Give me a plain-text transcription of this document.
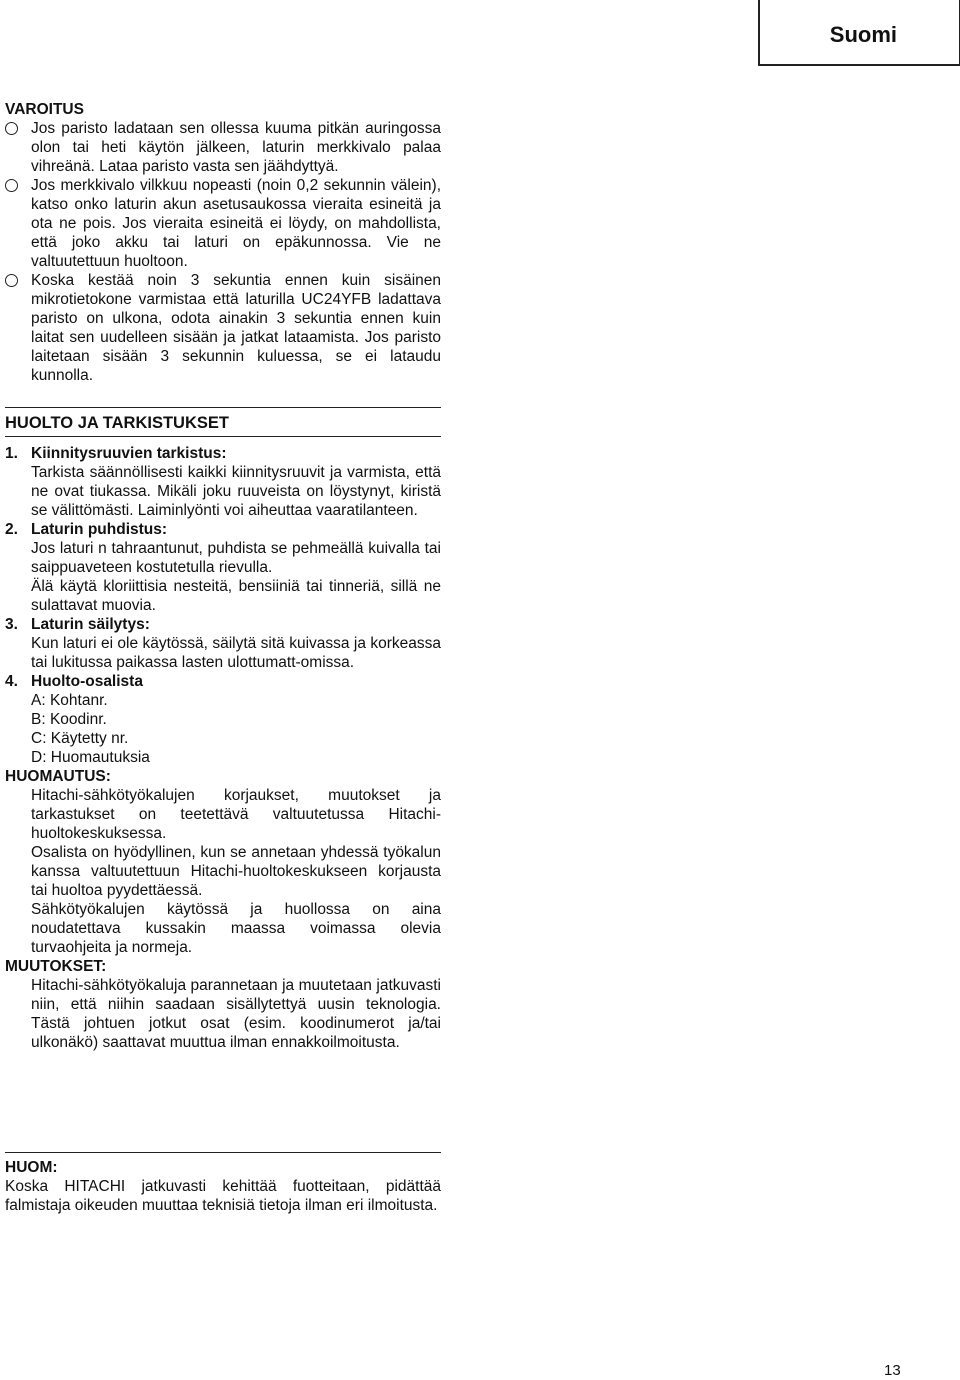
Suomi

VAROITUS

Jos paristo ladataan sen ollessa kuuma pitkän auringossa olon tai heti käytön jälkeen, laturin merkkivalo palaa vihreänä. Lataa paristo vasta sen jäähdyttyä.

Jos merkkivalo vilkkuu nopeasti (noin 0,2 sekunnin välein), katso onko laturin akun asetusaukossa vieraita esineitä ja ota ne pois. Jos vieraita esineitä ei löydy, on mahdollista, että joko akku tai laturi on epäkunnossa. Vie ne valtuutettuun huoltoon.

Koska kestää noin 3 sekuntia ennen kuin sisäinen mikrotietokone varmistaa että laturilla UC24YFB ladattava paristo on ulkona, odota ainakin 3 sekuntia ennen kuin laitat sen uudelleen sisään ja jatkat lataamista. Jos paristo laitetaan sisään 3 sekunnin kuluessa, se ei lataudu kunnolla.

HUOLTO JA TARKISTUKSET

1. Kiinnitysruuvien tarkistus:

Tarkista säännöllisesti kaikki kiinnitysruuvit ja varmista, että ne ovat tiukassa. Mikäli joku ruuveista on löystynyt, kiristä se välittömästi. Laiminlyönti voi aiheuttaa vaaratilanteen.

2. Laturin puhdistus:

Jos laturi n tahraantunut, puhdista se pehmeällä kuivalla tai saippuaveteen kostutetulla rievulla.

Älä käytä kloriittisia nesteitä, bensiiniä tai tinneriä, sillä ne sulattavat muovia.

3. Laturin säilytys:

Kun laturi ei ole käytössä, säilytä sitä kuivassa ja korkeassa tai lukitussa paikassa lasten ulottumatt-omissa.

4. Huolto-osalista

A: Kohtanr.

B: Koodinr.

C: Käytetty nr.

D: Huomautuksia

HUOMAUTUS:

Hitachi-sähkötyökalujen korjaukset, muutokset ja tarkastukset on teetettävä valtuutetussa Hitachi-huoltokeskuksessa.

Osalista on hyödyllinen, kun se annetaan yhdessä työkalun kanssa valtuutettuun Hitachi-huoltokeskukseen korjausta tai huoltoa pyydettäessä.

Sähkötyökalujen käytössä ja huollossa on aina noudatettava kussakin maassa voimassa olevia turvaohjeita ja normeja.

MUUTOKSET:

Hitachi-sähkötyökaluja parannetaan ja muutetaan jatkuvasti niin, että niihin saadaan sisällytettyä uusin teknologia. Tästä johtuen jotkut osat (esim. koodinumerot ja/tai ulkonäkö) saattavat muuttua ilman ennakkoilmoitusta.

HUOM:

Koska HITACHI jatkuvasti kehittää fuotteitaan, pidättää falmistaja oikeuden muuttaa teknisiä tietoja ilman eri ilmoitusta.

13
